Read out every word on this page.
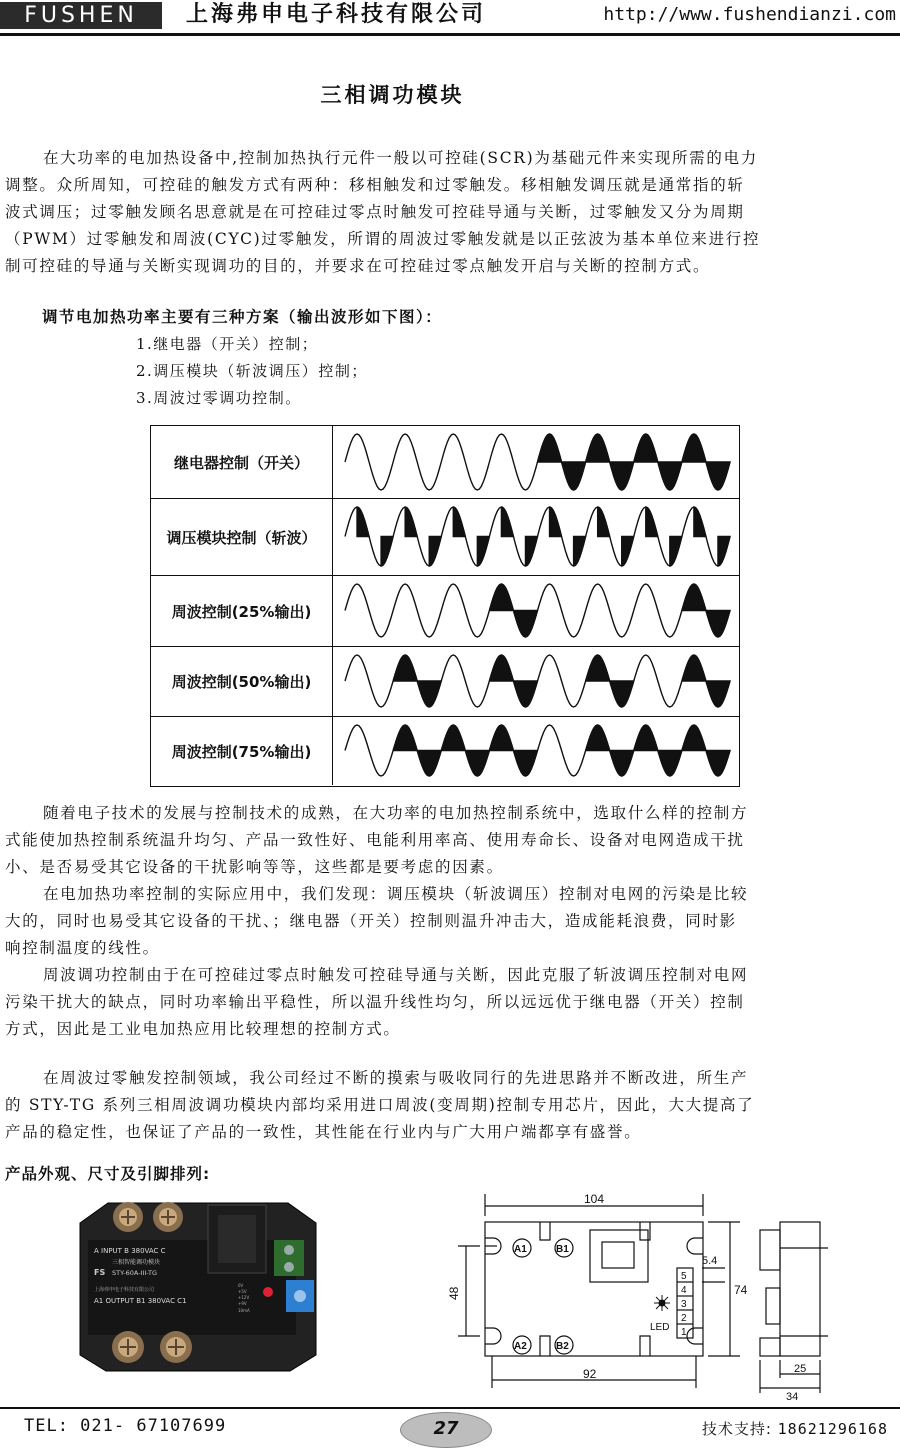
FUSHEN	上海弗申电子科技有限公司	http://www.fushendianzi.com
三相调功模块
在大功率的电加热设备中,控制加热执行元件一般以可控硅(SCR)为基础元件来实现所需的电力
调整。众所周知，可控硅的触发方式有两种：移相触发和过零触发。移相触发调压就是通常指的斩
波式调压；过零触发顾名思意就是在可控硅过零点时触发可控硅导通与关断，过零触发又分为周期
（PWM）过零触发和周波(CYC)过零触发，所谓的周波过零触发就是以正弦波为基本单位来进行控
制可控硅的导通与关断实现调功的目的，并要求在可控硅过零点触发开启与关断的控制方式。
调节电加热功率主要有三种方案（输出波形如下图）：
1.继电器（开关）控制；
2.调压模块（斩波调压）控制；
3.周波过零调功控制。
继电器控制（开关）
调压模块控制（斩波）
周波控制(25%输出)
周波控制(50%输出)
周波控制(75%输出)
随着电子技术的发展与控制技术的成熟，在大功率的电加热控制系统中，选取什么样的控制方
式能使加热控制系统温升均匀、产品一致性好、电能利用率高、使用寿命长、设备对电网造成干扰
小、是否易受其它设备的干扰影响等等，这些都是要考虑的因素。
在电加热功率控制的实际应用中，我们发现：调压模块（斩波调压）控制对电网的污染是比较
大的，同时也易受其它设备的干扰、；继电器（开关）控制则温升冲击大，造成能耗浪费，同时影
响控制温度的线性。
周波调功控制由于在可控硅过零点时触发可控硅导通与关断，因此克服了斩波调压控制对电网
污染干扰大的缺点，同时功率输出平稳性，所以温升线性均匀，所以远远优于继电器（开关）控制
方式，因此是工业电加热应用比较理想的控制方式。
在周波过零触发控制领域，我公司经过不断的摸索与吸收同行的先进思路并不断改进，所生产
的 STY-TG 系列三相周波调功模块内部均采用进口周波(变周期)控制专用芯片，因此，大大提高了
产品的稳定性，也保证了产品的一致性，其性能在行业内与广大用户端都享有盛誉。
产品外观、尺寸及引脚排列:
A INPUT B 380VAC C
FS
三相智能调功模块
STY-60A-III-TG
上海弗申电子科技有限公司
A1 OUTPUT B1 380VAC C1
0V
+5V
+12V
+9V
10mA
104
48	74
92
5.4
25
34
A1	B1
A2	B2
LED 1
2
3
4
5
TEL: 021- 67107699	27	技术支持: 18621296168
